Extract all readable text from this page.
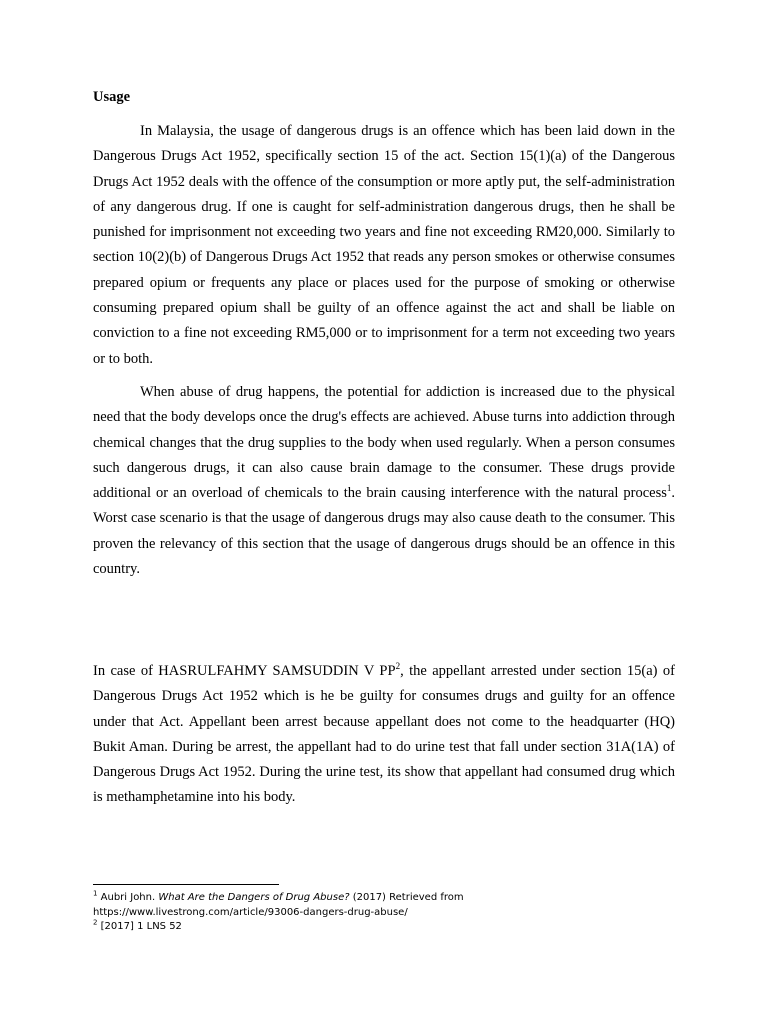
Usage

In Malaysia, the usage of dangerous drugs is an offence which has been laid down in the Dangerous Drugs Act 1952, specifically section 15 of the act. Section 15(1)(a) of the Dangerous Drugs Act 1952 deals with the offence of the consumption or more aptly put, the self-administration of any dangerous drug. If one is caught for self-administration dangerous drugs, then he shall be punished for imprisonment not exceeding two years and fine not exceeding RM20,000. Similarly to section 10(2)(b) of Dangerous Drugs Act 1952 that reads any person smokes or otherwise consumes prepared opium or frequents any place or places used for the purpose of smoking or otherwise consuming prepared opium shall be guilty of an offence against the act and shall be liable on conviction to a fine not exceeding RM5,000 or to imprisonment for a term not exceeding two years or to both.

When abuse of drug happens, the potential for addiction is increased due to the physical need that the body develops once the drug's effects are achieved. Abuse turns into addiction through chemical changes that the drug supplies to the body when used regularly. When a person consumes such dangerous drugs, it can also cause brain damage to the consumer. These drugs provide additional or an overload of chemicals to the brain causing interference with the natural process$^1$. Worst case scenario is that the usage of dangerous drugs may also cause death to the consumer. This proven the relevancy of this section that the usage of dangerous drugs should be an offence in this country.

In case of HASRULFAHMY SAMSUDDIN V $PP^2$, the appellant arrested under section 15(a) of Dangerous Drugs Act 1952 which is he be guilty for consumes drugs and guilty for an offence under that Act. Appellant been arrest because appellant does not come to the headquarter (HQ) Bukit Aman. During be arrest, the appellant had to do urine test that fall under section 31A(1A) of Dangerous Drugs Act 1952. During the urine test, its show that appellant had consumed drug which is methamphetamine into his body.

$^1$ Aubri John. What Are the Dangers of Drug Abuse? (2017) Retrieved from
https://www.livestrong.com/article/93006-dangers-drug-abuse/

$^2$ [2017] 1 LNS 52
